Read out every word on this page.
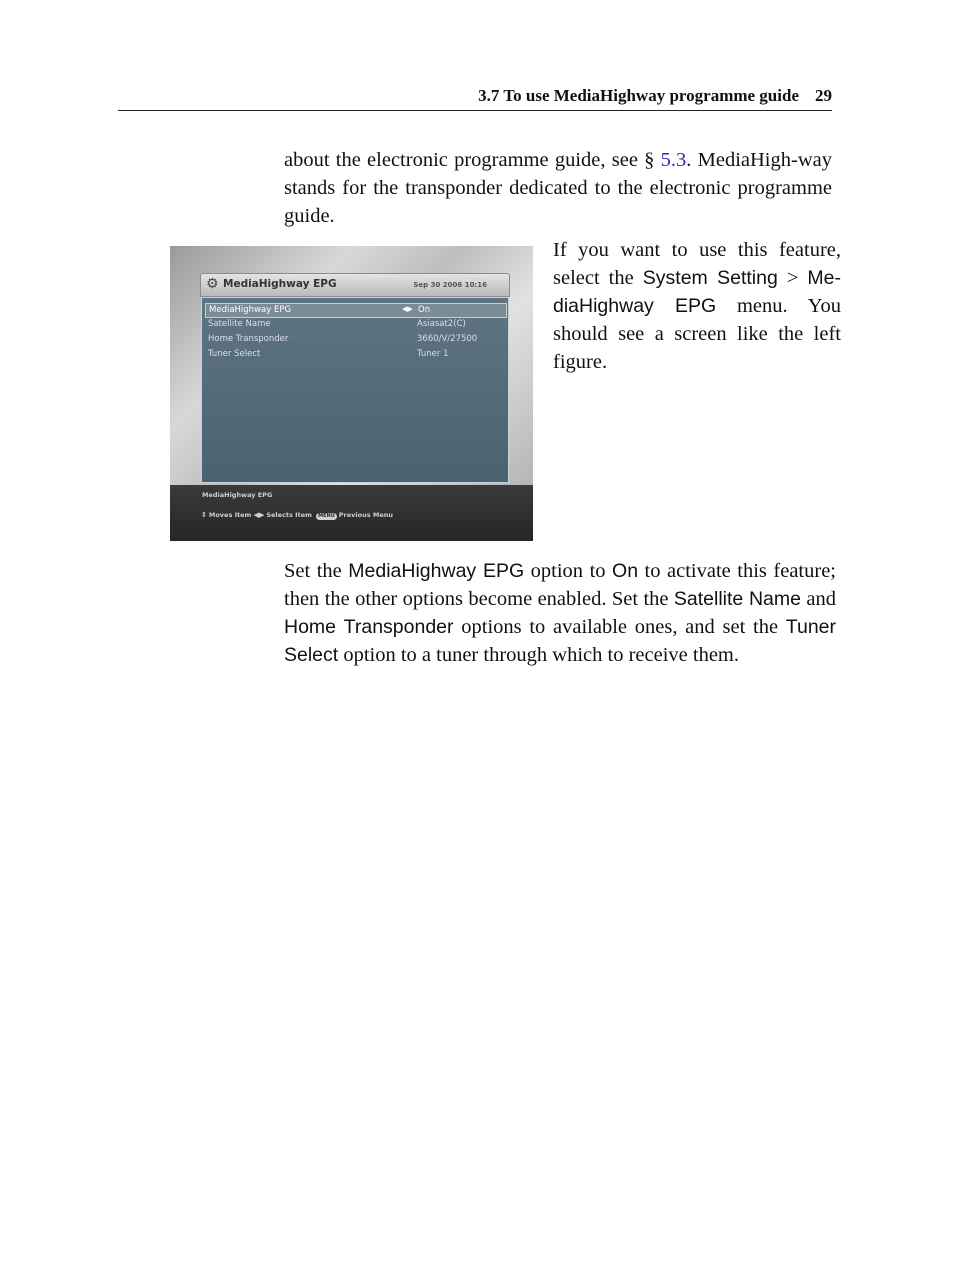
3.7 To use MediaHighway programme guide 29

about the electronic programme guide, see § 5.3. MediaHigh-way stands for the transponder dedicated to the electronic programme guide.

⚙ MediaHighway EPG	Sep 30 2006 10:16
MediaHighway EPG	◀▶ On
Satellite Name	Asiasat2(C)
Home Transponder	3660/V/27500
Tuner Select	Tuner 1
MediaHighway EPG
⇕ Moves Item ◀▶ Selects Item MENU Previous Menu

If you want to use this feature, select the System Setting > Me-diaHighway EPG menu. You should see a screen like the left figure.

Set the MediaHighway EPG option to On to activate this feature; then the other options become enabled. Set the Satellite Name and Home Transponder options to available ones, and set the Tuner Select option to a tuner through which to receive them.
